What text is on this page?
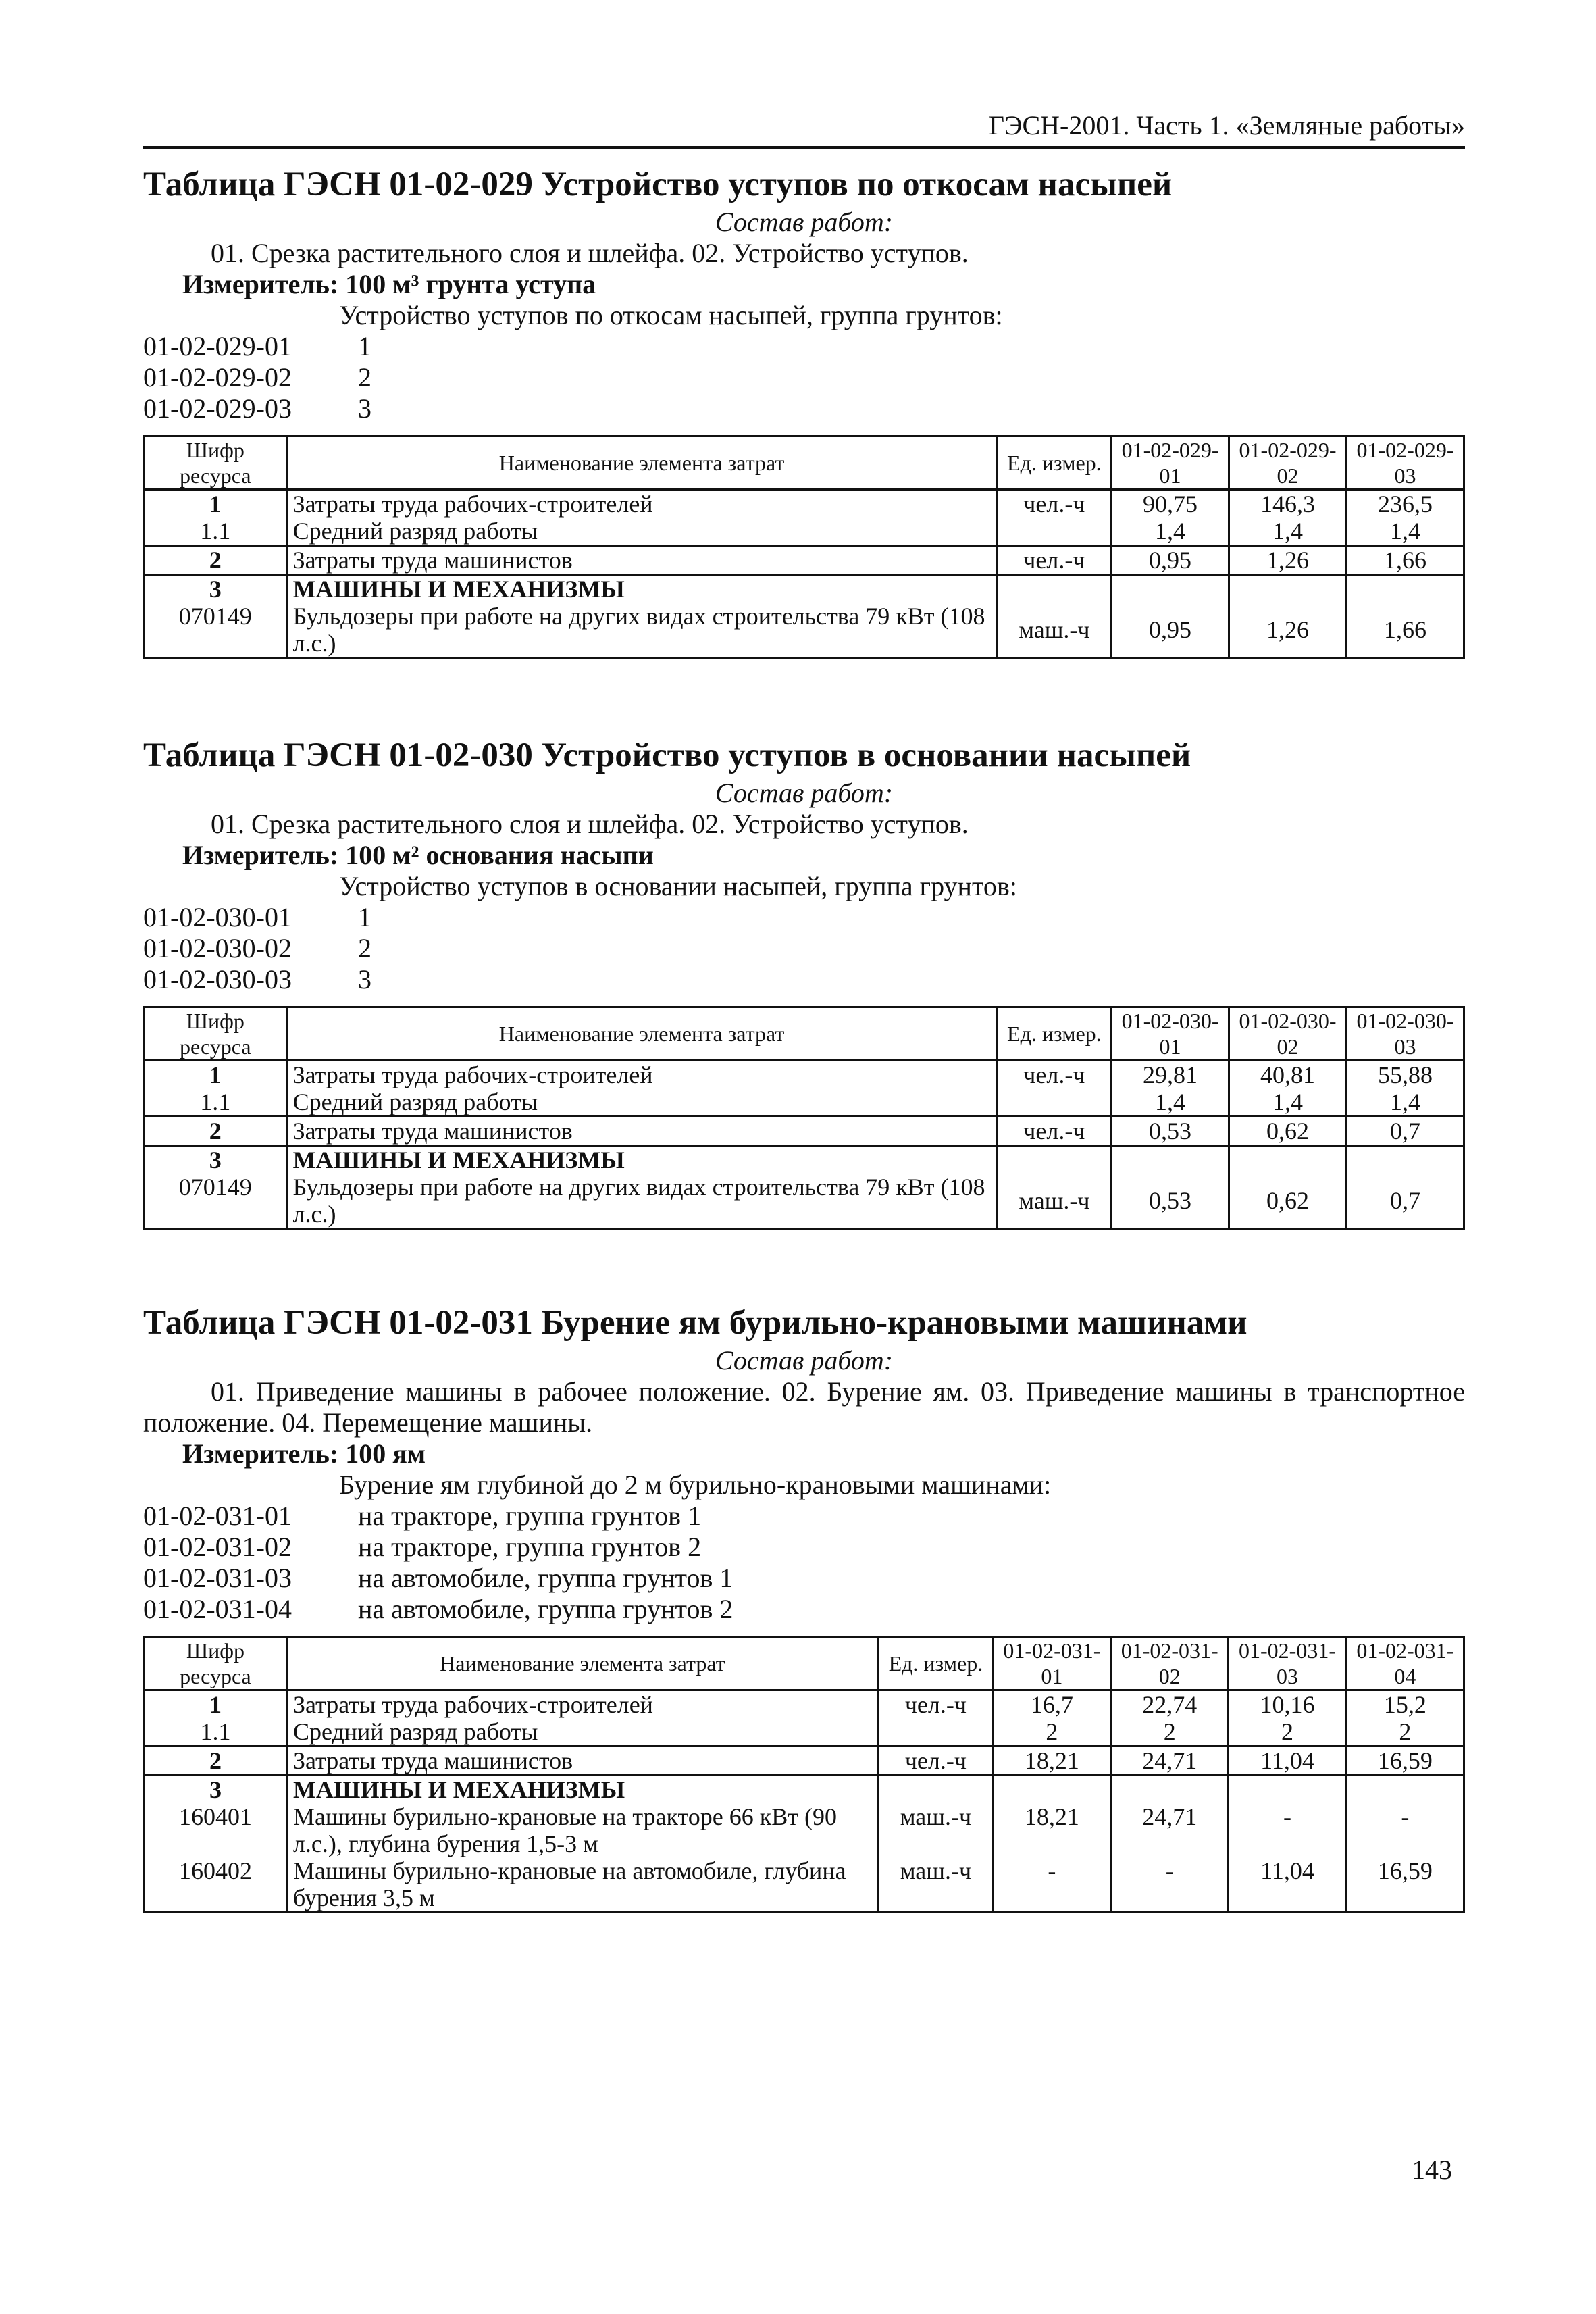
ГЭСН-2001. Часть 1. «Земляные работы»
Таблица ГЭСН 01-02-029 Устройство уступов по откосам насыпей
Состав работ:
01. Срезка растительного слоя и шлейфа. 02. Устройство уступов.
Измеритель: 100 м³ грунта уступа
Устройство уступов по откосам насыпей, группа грунтов:
01-02-029-01	1
01-02-029-02	2
01-02-029-03	3
Шифр ресурса	Наименование элемента затрат	Ед. измер.	01-02-029-01	01-02-029-02	01-02-029-03
1	Затраты труда рабочих-строителей	чел.-ч	90,75	146,3	236,5
1.1	Средний разряд работы		1,4	1,4	1,4
2	Затраты труда машинистов	чел.-ч	0,95	1,26	1,66
3	МАШИНЫ И МЕХАНИЗМЫ				
070149	Бульдозеры при работе на других видах строительства 79 кВт (108 л.с.)	маш.-ч	0,95	1,26	1,66
Таблица ГЭСН 01-02-030 Устройство уступов в основании насыпей
Состав работ:
01. Срезка растительного слоя и шлейфа. 02. Устройство уступов.
Измеритель: 100 м² основания насыпи
Устройство уступов в основании насыпей, группа грунтов:
01-02-030-01	1
01-02-030-02	2
01-02-030-03	3
Шифр ресурса	Наименование элемента затрат	Ед. измер.	01-02-030-01	01-02-030-02	01-02-030-03
1	Затраты труда рабочих-строителей	чел.-ч	29,81	40,81	55,88
1.1	Средний разряд работы		1,4	1,4	1,4
2	Затраты труда машинистов	чел.-ч	0,53	0,62	0,7
3	МАШИНЫ И МЕХАНИЗМЫ				
070149	Бульдозеры при работе на других видах строительства 79 кВт (108 л.с.)	маш.-ч	0,53	0,62	0,7
Таблица ГЭСН 01-02-031 Бурение ям бурильно-крановыми машинами
Состав работ:
01. Приведение машины в рабочее положение. 02. Бурение ям. 03. Приведение машины в транспортное положение. 04. Перемещение машины.
Измеритель: 100 ям
Бурение ям глубиной до 2 м бурильно-крановыми машинами:
01-02-031-01	на тракторе, группа грунтов 1
01-02-031-02	на тракторе, группа грунтов 2
01-02-031-03	на автомобиле, группа грунтов 1
01-02-031-04	на автомобиле, группа грунтов 2
Шифр ресурса	Наименование элемента затрат	Ед. измер.	01-02-031-01	01-02-031-02	01-02-031-03	01-02-031-04
1	Затраты труда рабочих-строителей	чел.-ч	16,7	22,74	10,16	15,2
1.1	Средний разряд работы		2	2	2	2
2	Затраты труда машинистов	чел.-ч	18,21	24,71	11,04	16,59
3	МАШИНЫ И МЕХАНИЗМЫ					
160401	Машины бурильно-крановые на тракторе 66 кВт (90 л.с.), глубина бурения 1,5-3 м	маш.-ч	18,21	24,71	-	-
160402	Машины бурильно-крановые на автомобиле, глубина бурения 3,5 м	маш.-ч	-	-	11,04	16,59
143
